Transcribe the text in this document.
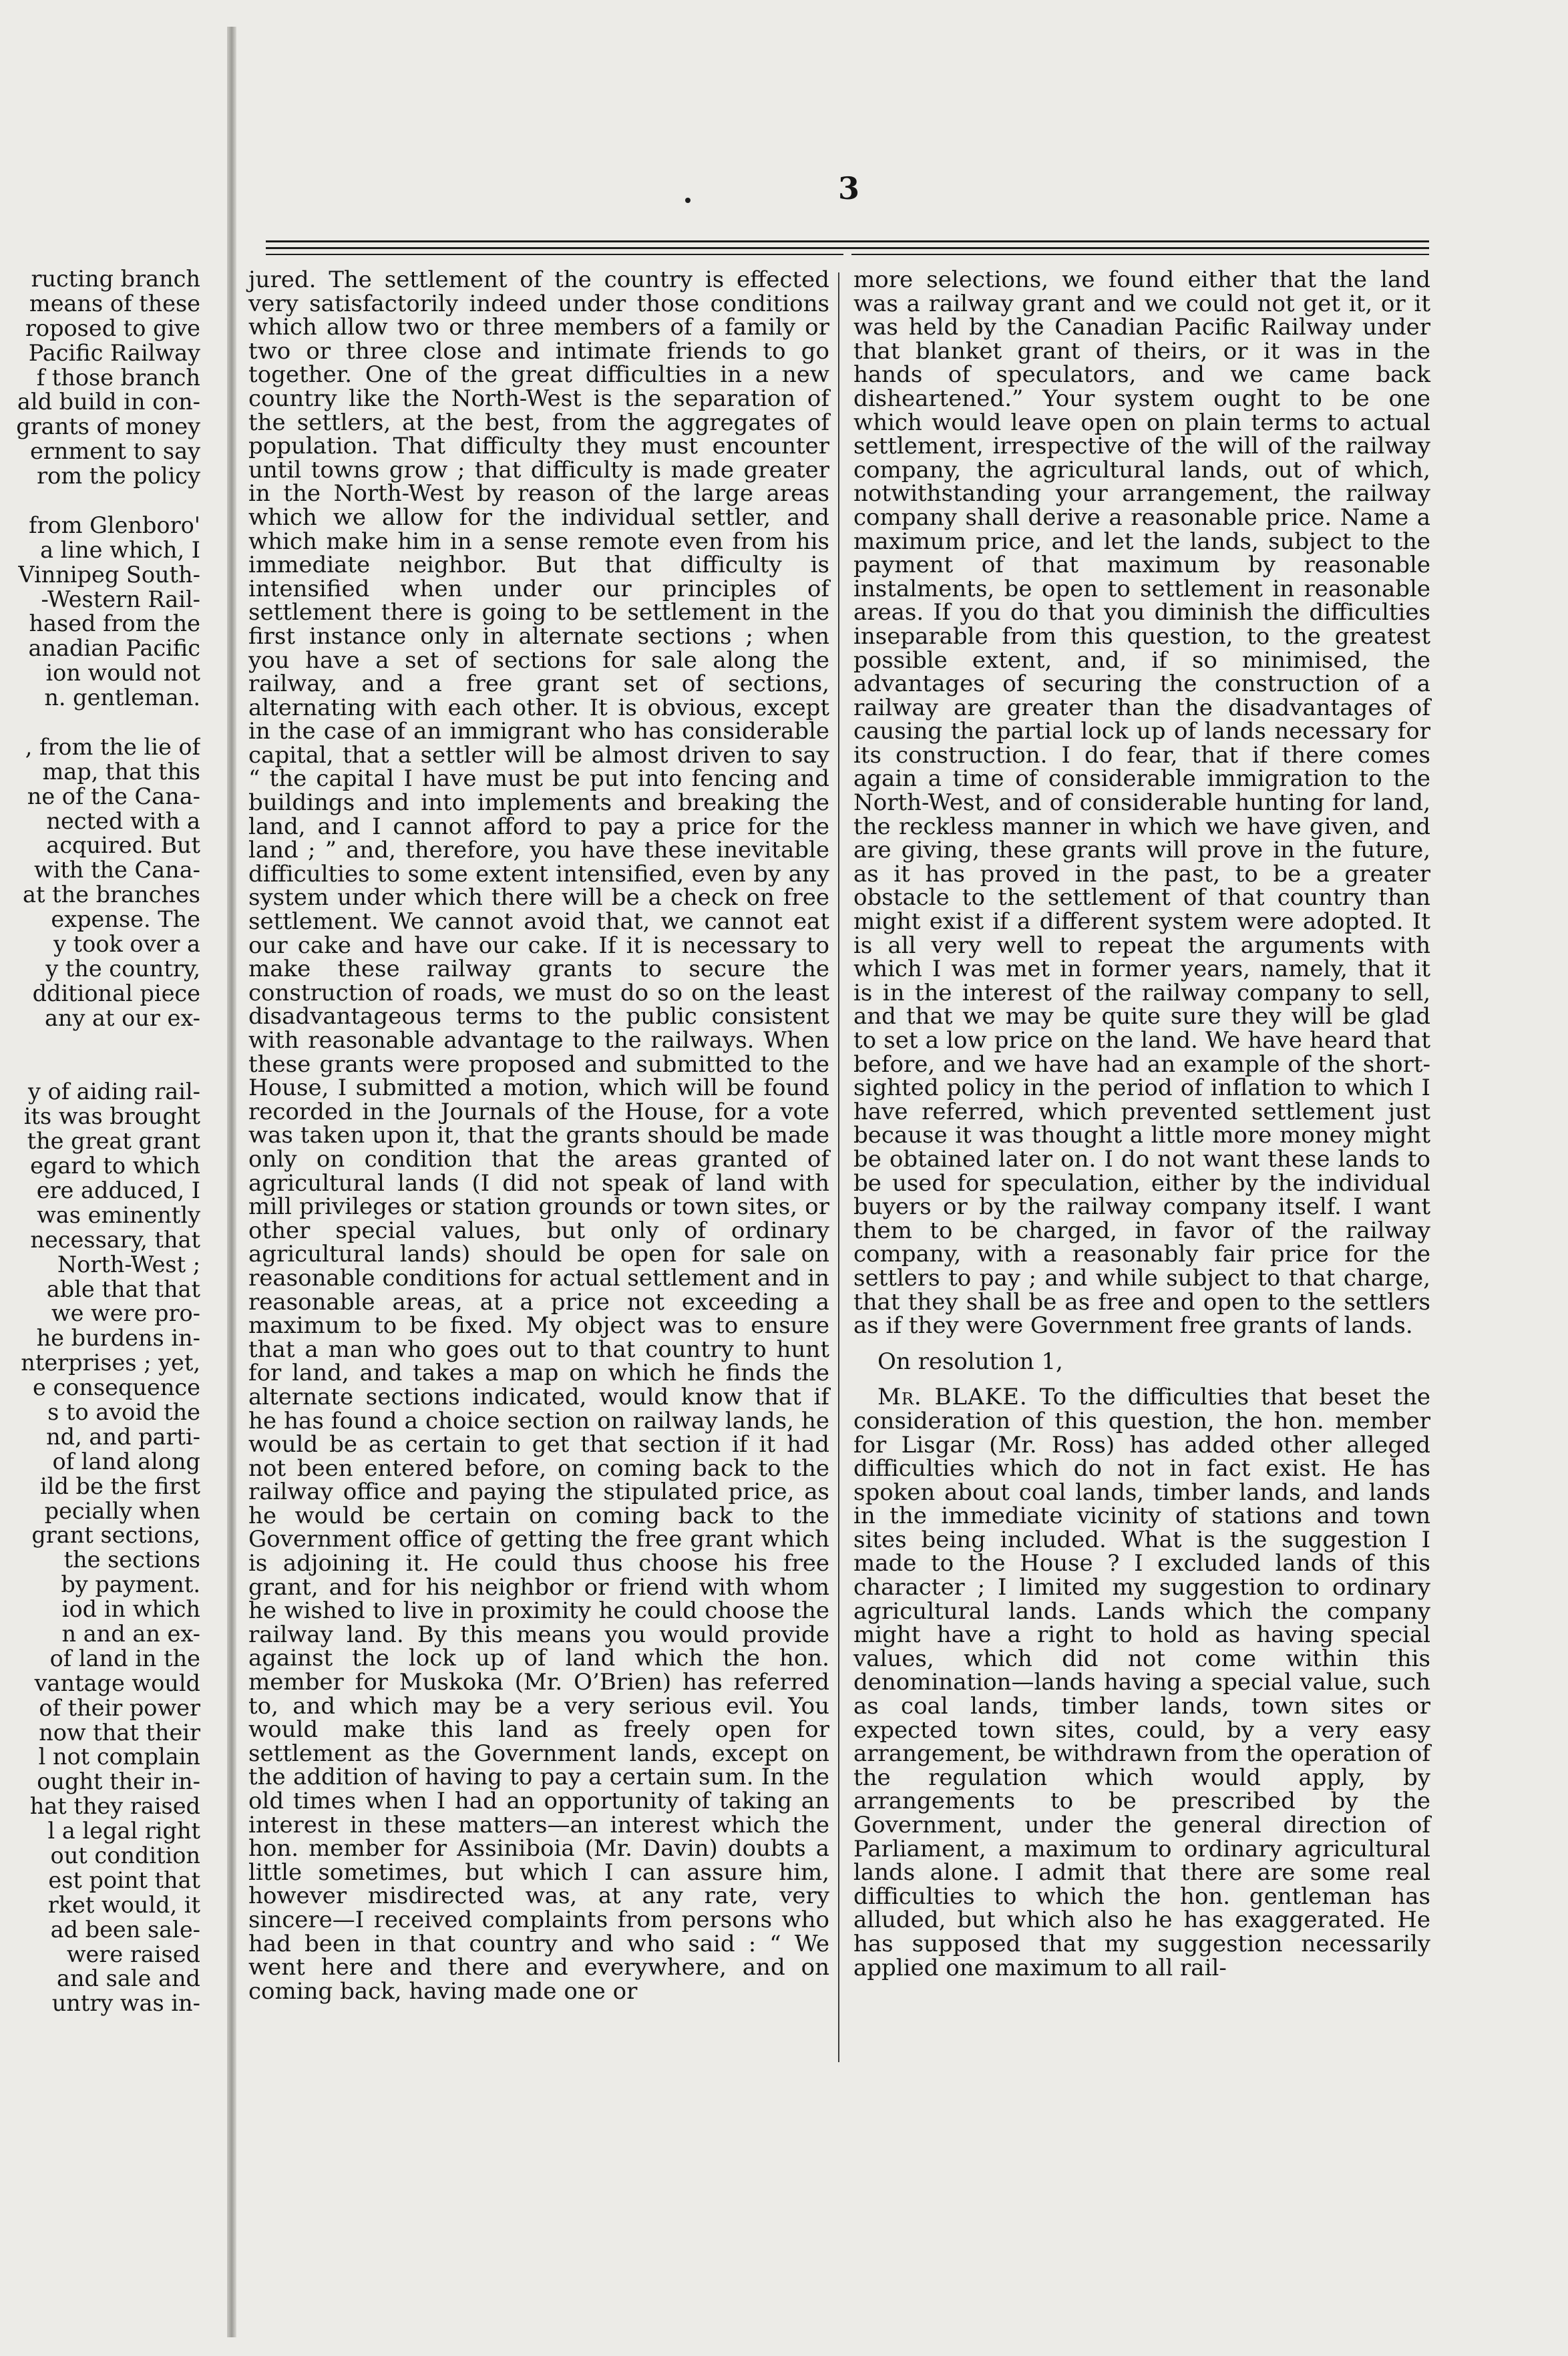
3
ructing branch
means of these
roposed to give
Pacific Railway
f those branch
ald build in con-
grants of money
ernment to say
rom the policy
from Glenboro'
a line which, I
Vinnipeg South-
-Western Rail-
hased from the
anadian Pacific
ion would not
n. gentleman.
, from the lie of
map, that this
ne of the Cana-
nected with a
acquired. But
with the Cana-
at the branches
expense. The
y took over a
y the country,
dditional piece
any at our ex-
y of aiding rail-
its was brought
the great grant
egard to which
ere adduced, I
was eminently
necessary, that
North-West ;
able that that
we were pro-
he burdens in-
nterprises ; yet,
e consequence
s to avoid the
nd, and parti-
of land along
ild be the first
pecially when
grant sections,
the sections
by payment.
iod in which
n and an ex-
of land in the
vantage would
of their power
now that their
l not complain
ought their in-
hat they raised
l a legal right
out condition
est point that
rket would, it
ad been sale-
were raised
and sale and
untry was in-

jured. The settlement of the country is effected very satisfactorily indeed under those conditions which allow two or three members of a family or two or three close and intimate friends to go together. One of the great difficulties in a new country like the North-West is the separation of the settlers, at the best, from the aggregates of population. That difficulty they must encounter until towns grow ; that difficulty is made greater in the North-West by reason of the large areas which we allow for the individual settler, and which make him in a sense remote even from his immediate neighbor. But that difficulty is intensified when under our principles of settlement there is going to be settlement in the first instance only in alternate sections ; when you have a set of sections for sale along the railway, and a free grant set of sections, alternating with each other. It is obvious, except in the case of an immigrant who has considerable capital, that a settler will be almost driven to say “ the capital I have must be put into fencing and buildings and into implements and breaking the land, and I cannot afford to pay a price for the land ; ” and, therefore, you have these inevitable difficulties to some extent intensified, even by any system under which there will be a check on free settlement. We cannot avoid that, we cannot eat our cake and have our cake. If it is necessary to make these railway grants to secure the construction of roads, we must do so on the least disadvantageous terms to the public consistent with reasonable advantage to the railways. When these grants were proposed and submitted to the House, I submitted a motion, which will be found recorded in the Journals of the House, for a vote was taken upon it, that the grants should be made only on condition that the areas granted of agricultural lands (I did not speak of land with mill privileges or station grounds or town sites, or other special values, but only of ordinary agricultural lands) should be open for sale on reasonable conditions for actual settlement and in reasonable areas, at a price not exceeding a maximum to be fixed. My object was to ensure that a man who goes out to that country to hunt for land, and takes a map on which he finds the alternate sections indicated, would know that if he has found a choice section on railway lands, he would be as certain to get that section if it had not been entered before, on coming back to the railway office and paying the stipulated price, as he would be certain on coming back to the Government office of getting the free grant which is adjoining it. He could thus choose his free grant, and for his neighbor or friend with whom he wished to live in proximity he could choose the railway land. By this means you would provide against the lock up of land which the hon. member for Muskoka (Mr. O’Brien) has referred to, and which may be a very serious evil. You would make this land as freely open for settlement as the Government lands, except on the addition of having to pay a certain sum. In the old times when I had an opportunity of taking an interest in these matters—an interest which the hon. member for Assiniboia (Mr. Davin) doubts a little sometimes, but which I can assure him, however misdirected was, at any rate, very sincere—I received complaints from persons who had been in that country and who said : “ We went here and there and everywhere, and on coming back, having made one or

more selections, we found either that the land was a railway grant and we could not get it, or it was held by the Canadian Pacific Railway under that blanket grant of theirs, or it was in the hands of speculators, and we came back disheartened.” Your system ought to be one which would leave open on plain terms to actual settlement, irrespective of the will of the railway company, the agricultural lands, out of which, notwithstanding your arrangement, the railway company shall derive a reasonable price. Name a maximum price, and let the lands, subject to the payment of that maximum by reasonable instalments, be open to settlement in reasonable areas. If you do that you diminish the difficulties inseparable from this question, to the greatest possible extent, and, if so minimised, the advantages of securing the construction of a railway are greater than the disadvantages of causing the partial lock up of lands necessary for its construction. I do fear, that if there comes again a time of considerable immigration to the North-West, and of considerable hunting for land, the reckless manner in which we have given, and are giving, these grants will prove in the future, as it has proved in the past, to be a greater obstacle to the settlement of that country than might exist if a different system were adopted. It is all very well to repeat the arguments with which I was met in former years, namely, that it is in the interest of the railway company to sell, and that we may be quite sure they will be glad to set a low price on the land. We have heard that before, and we have had an example of the short-sighted policy in the period of inflation to which I have referred, which prevented settlement just because it was thought a little more money might be obtained later on. I do not want these lands to be used for speculation, either by the individual buyers or by the railway company itself. I want them to be charged, in favor of the railway company, with a reasonably fair price for the settlers to pay ; and while subject to that charge, that they shall be as free and open to the settlers as if they were Government free grants of lands.

On resolution 1,

Mr. BLAKE. To the difficulties that beset the consideration of this question, the hon. member for Lisgar (Mr. Ross) has added other alleged difficulties which do not in fact exist. He has spoken about coal lands, timber lands, and lands in the immediate vicinity of stations and town sites being included. What is the suggestion I made to the House ? I excluded lands of this character ; I limited my suggestion to ordinary agricultural lands. Lands which the company might have a right to hold as having special values, which did not come within this denomination—lands having a special value, such as coal lands, timber lands, town sites or expected town sites, could, by a very easy arrangement, be withdrawn from the operation of the regulation which would apply, by arrangements to be prescribed by the Government, under the general direction of Parliament, a maximum to ordinary agricultural lands alone. I admit that there are some real difficulties to which the hon. gentleman has alluded, but which also he has exaggerated. He has supposed that my suggestion necessarily applied one maximum to all rail-
